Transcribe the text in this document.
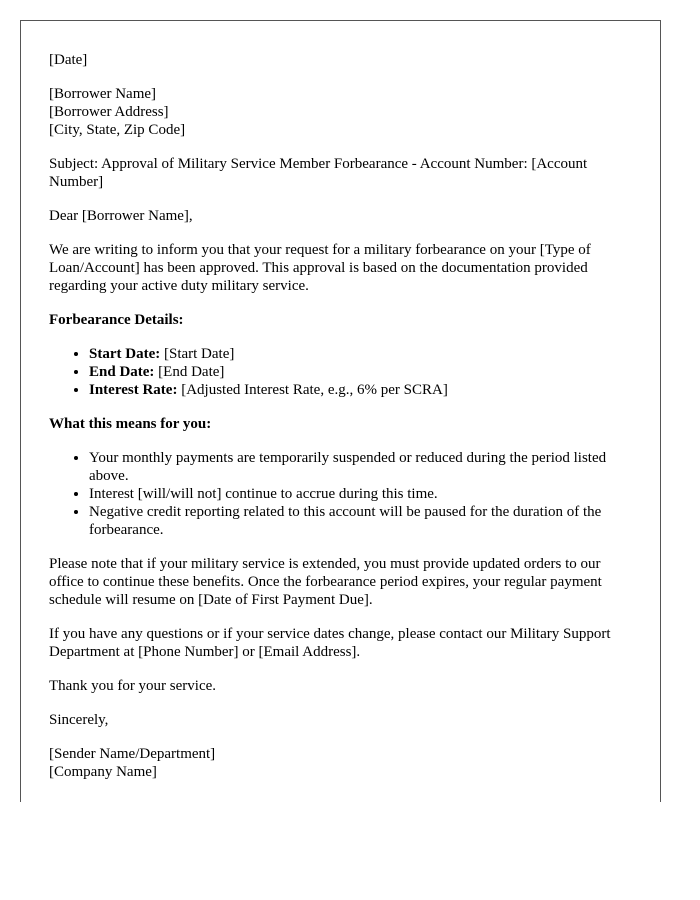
[Date]

[Borrower Name]
[Borrower Address]
[City, State, Zip Code]

Subject: Approval of Military Service Member Forbearance - Account Number: [Account Number]

Dear [Borrower Name],

We are writing to inform you that your request for a military forbearance on your [Type of Loan/Account] has been approved. This approval is based on the documentation provided regarding your active duty military service.

Forbearance Details:

• Start Date: [Start Date]
• End Date: [End Date]
• Interest Rate: [Adjusted Interest Rate, e.g., 6% per SCRA]

What this means for you:

• Your monthly payments are temporarily suspended or reduced during the period listed above.
• Interest [will/will not] continue to accrue during this time.
• Negative credit reporting related to this account will be paused for the duration of the forbearance.

Please note that if your military service is extended, you must provide updated orders to our office to continue these benefits. Once the forbearance period expires, your regular payment schedule will resume on [Date of First Payment Due].

If you have any questions or if your service dates change, please contact our Military Support Department at [Phone Number] or [Email Address].

Thank you for your service.

Sincerely,

[Sender Name/Department]
[Company Name]
